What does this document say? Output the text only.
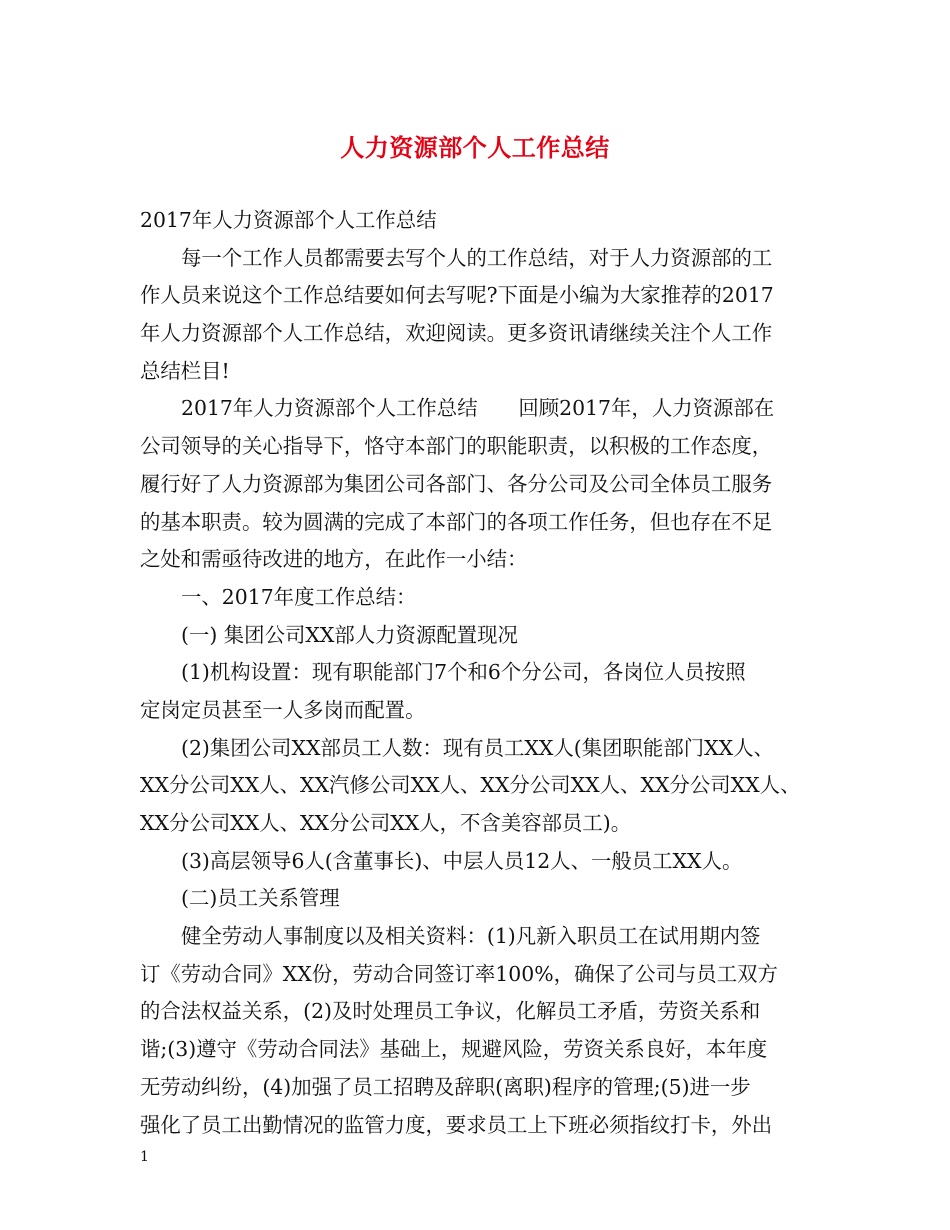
人力资源部个人工作总结
2017年人力资源部个人工作总结
每一个工作人员都需要去写个人的工作总结，对于人力资源部的工
作人员来说这个工作总结要如何去写呢?下面是小编为大家推荐的2017
年人力资源部个人工作总结，欢迎阅读。更多资讯请继续关注个人工作
总结栏目!
2017年人力资源部个人工作总结　　回顾2017年，人力资源部在
公司领导的关心指导下，恪守本部门的职能职责，以积极的工作态度，
履行好了人力资源部为集团公司各部门、各分公司及公司全体员工服务
的基本职责。较为圆满的完成了本部门的各项工作任务，但也存在不足
之处和需亟待改进的地方，在此作一小结：
一、2017年度工作总结：
(一) 集团公司XX部人力资源配置现况
(1)机构设置：现有职能部门7个和6个分公司，各岗位人员按照
定岗定员甚至一人多岗而配置。
(2)集团公司XX部员工人数：现有员工XX人(集团职能部门XX人、
XX分公司XX人、XX汽修公司XX人、XX分公司XX人、XX分公司XX人、
XX分公司XX人、XX分公司XX人，不含美容部员工)。
(3)高层领导6人(含董事长)、中层人员12人、一般员工XX人。
(二)员工关系管理
健全劳动人事制度以及相关资料：(1)凡新入职员工在试用期内签
订《劳动合同》XX份，劳动合同签订率100%，确保了公司与员工双方
的合法权益关系，(2)及时处理员工争议，化解员工矛盾，劳资关系和
谐;(3)遵守《劳动合同法》基础上，规避风险，劳资关系良好，本年度
无劳动纠纷，(4)加强了员工招聘及辞职(离职)程序的管理;(5)进一步
强化了员工出勤情况的监管力度，要求员工上下班必须指纹打卡，外出
1
